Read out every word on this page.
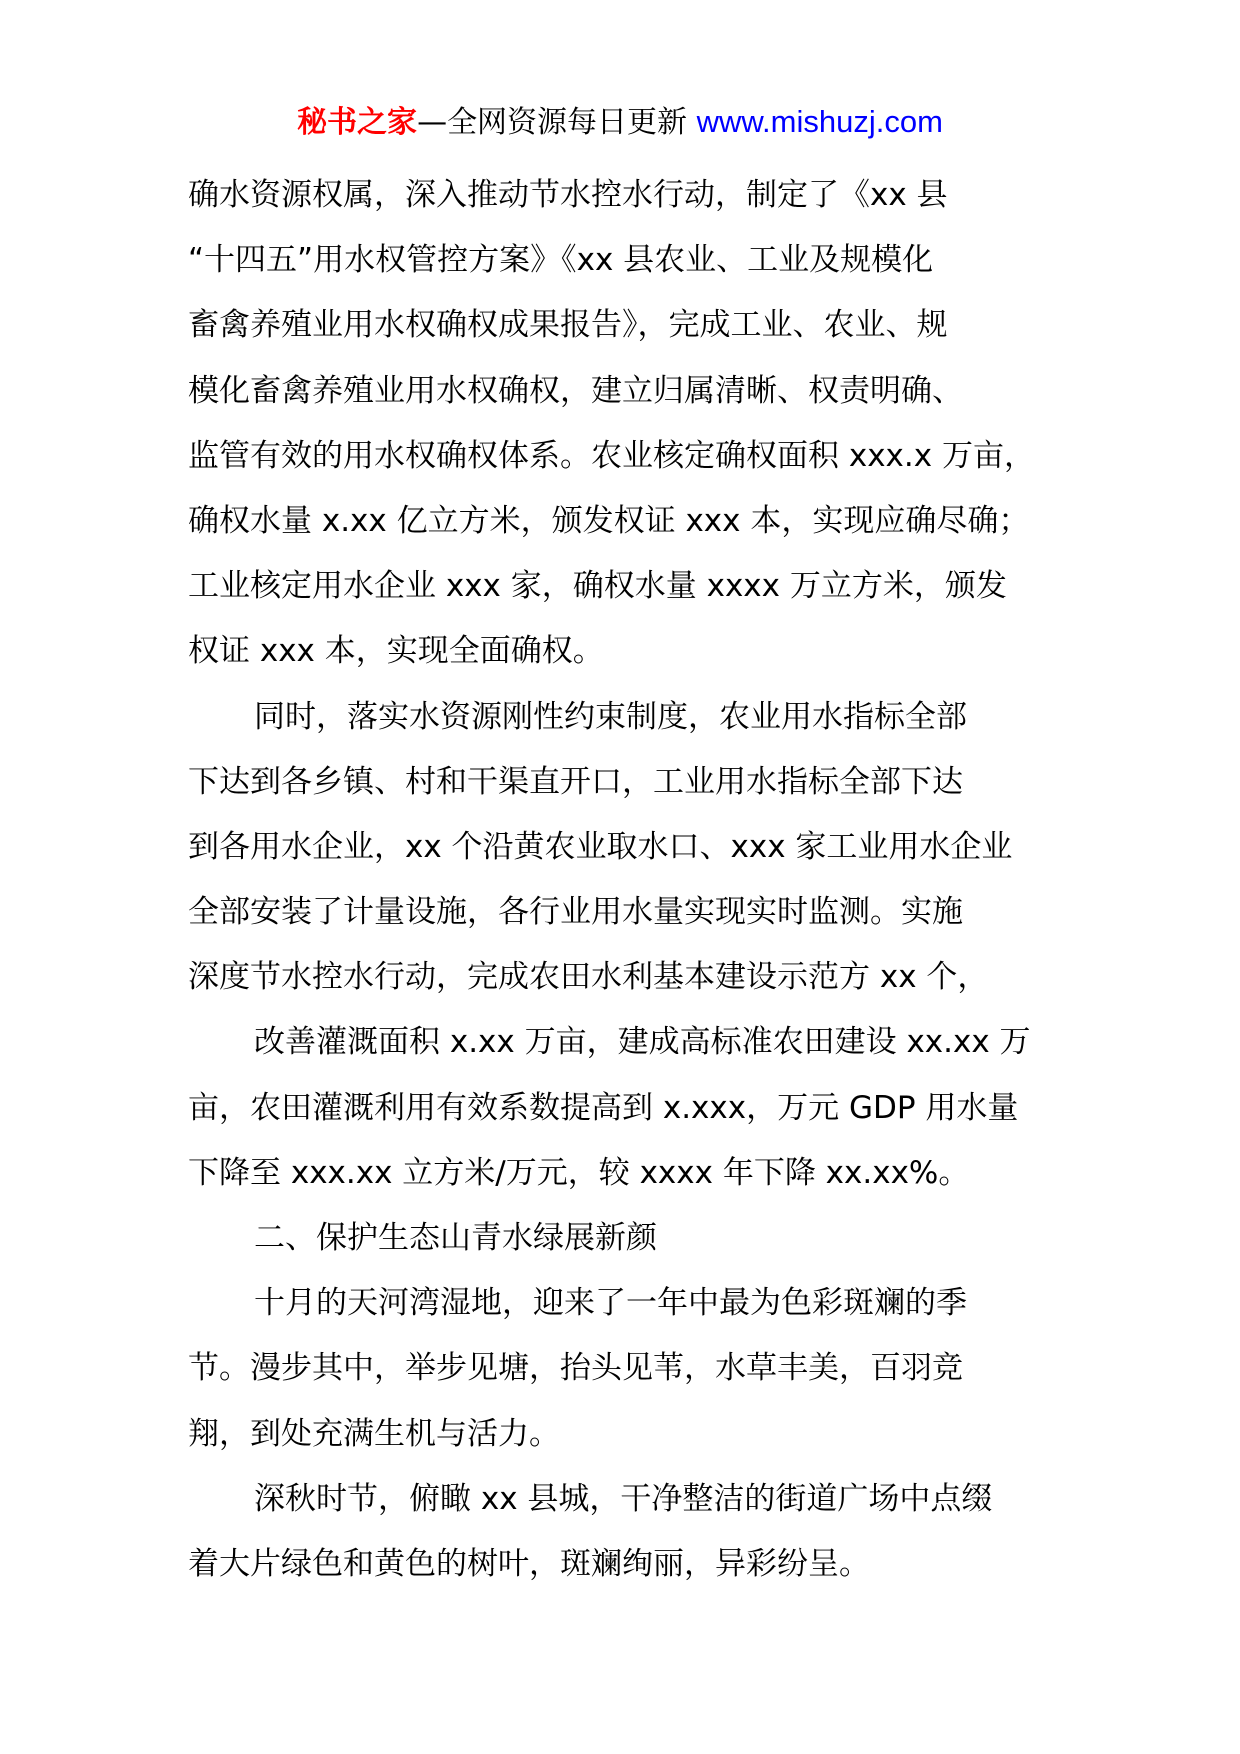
秘书之家—全网资源每日更新 www.mishuzj.com
确水资源权属，深入推动节水控水行动，制定了《xx 县
“十四五”用水权管控方案》《xx 县农业、工业及规模化
畜禽养殖业用水权确权成果报告》，完成工业、农业、规
模化畜禽养殖业用水权确权，建立归属清晰、权责明确、
监管有效的用水权确权体系。农业核定确权面积 xxx.x 万亩，
确权水量 x.xx 亿立方米，颁发权证 xxx 本，实现应确尽确；
工业核定用水企业 xxx 家，确权水量 xxxx 万立方米，颁发
权证 xxx 本，实现全面确权。
同时，落实水资源刚性约束制度，农业用水指标全部
下达到各乡镇、村和干渠直开口，工业用水指标全部下达
到各用水企业，xx 个沿黄农业取水口、xxx 家工业用水企业
全部安装了计量设施，各行业用水量实现实时监测。实施
深度节水控水行动，完成农田水利基本建设示范方 xx 个，
改善灌溉面积 x.xx 万亩，建成高标准农田建设 xx.xx 万
亩，农田灌溉利用有效系数提高到 x.xxx，万元 GDP 用水量
下降至 xxx.xx 立方米/万元，较 xxxx 年下降 xx.xx%。
二、保护生态山青水绿展新颜
十月的天河湾湿地，迎来了一年中最为色彩斑斓的季
节。漫步其中，举步见塘，抬头见苇，水草丰美，百羽竞
翔，到处充满生机与活力。
深秋时节，俯瞰 xx 县城，干净整洁的街道广场中点缀
着大片绿色和黄色的树叶，斑斓绚丽，异彩纷呈。
